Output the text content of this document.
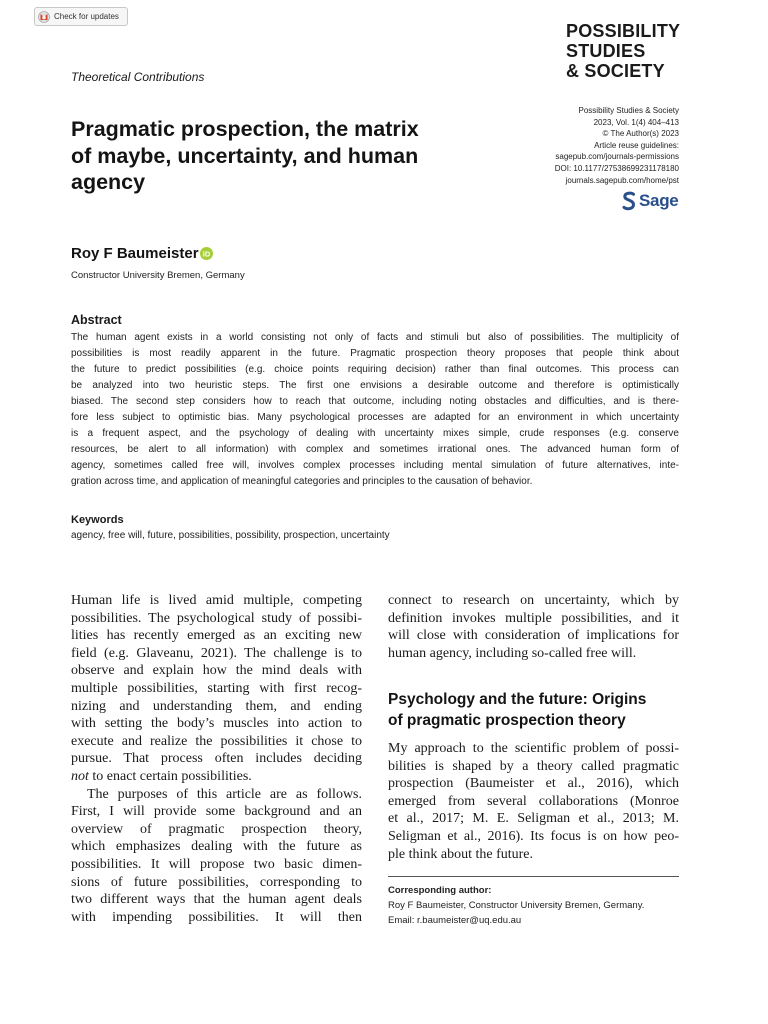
Check for updates
POSSIBILITY
STUDIES
& SOCIETY
Theoretical Contributions
Possibility Studies & Society
2023, Vol. 1(4) 404–413
© The Author(s) 2023
Article reuse guidelines:
sagepub.com/journals-permissions
DOI: 10.1177/27538699231178180
journals.sagepub.com/home/pst
Sage
Pragmatic prospection, the matrix
of maybe, uncertainty, and human
agency
Roy F Baumeister iD
Constructor University Bremen, Germany
Abstract
The human agent exists in a world consisting not only of facts and stimuli but also of possibilities. The multiplicity of
possibilities is most readily apparent in the future. Pragmatic prospection theory proposes that people think about
the future to predict possibilities (e.g. choice points requiring decision) rather than final outcomes. This process can
be analyzed into two heuristic steps. The first one envisions a desirable outcome and therefore is optimistically
biased. The second step considers how to reach that outcome, including noting obstacles and difficulties, and is there-
fore less subject to optimistic bias. Many psychological processes are adapted for an environment in which uncertainty
is a frequent aspect, and the psychology of dealing with uncertainty mixes simple, crude responses (e.g. conserve
resources, be alert to all information) with complex and sometimes irrational ones. The advanced human form of
agency, sometimes called free will, involves complex processes including mental simulation of future alternatives, inte-
gration across time, and application of meaningful categories and principles to the causation of behavior.
Keywords
agency, free will, future, possibilities, possibility, prospection, uncertainty
Human life is lived amid multiple, competing
possibilities. The psychological study of possibi-
lities has recently emerged as an exciting new
field (e.g. Glaveanu, 2021). The challenge is to
observe and explain how the mind deals with
multiple possibilities, starting with first recog-
nizing and understanding them, and ending
with setting the body’s muscles into action to
execute and realize the possibilities it chose to
pursue. That process often includes deciding
not to enact certain possibilities.
The purposes of this article are as follows.
First, I will provide some background and an
overview of pragmatic prospection theory,
which emphasizes dealing with the future as
possibilities. It will propose two basic dimen-
sions of future possibilities, corresponding to
two different ways that the human agent deals
with impending possibilities. It will then
connect to research on uncertainty, which by
definition invokes multiple possibilities, and it
will close with consideration of implications for
human agency, including so-called free will.
Psychology and the future: Origins
of pragmatic prospection theory
My approach to the scientific problem of possi-
bilities is shaped by a theory called pragmatic
prospection (Baumeister et al., 2016), which
emerged from several collaborations (Monroe
et al., 2017; M. E. Seligman et al., 2013; M.
Seligman et al., 2016). Its focus is on how peo-
ple think about the future.
Corresponding author:
Roy F Baumeister, Constructor University Bremen, Germany.
Email: r.baumeister@uq.edu.au
